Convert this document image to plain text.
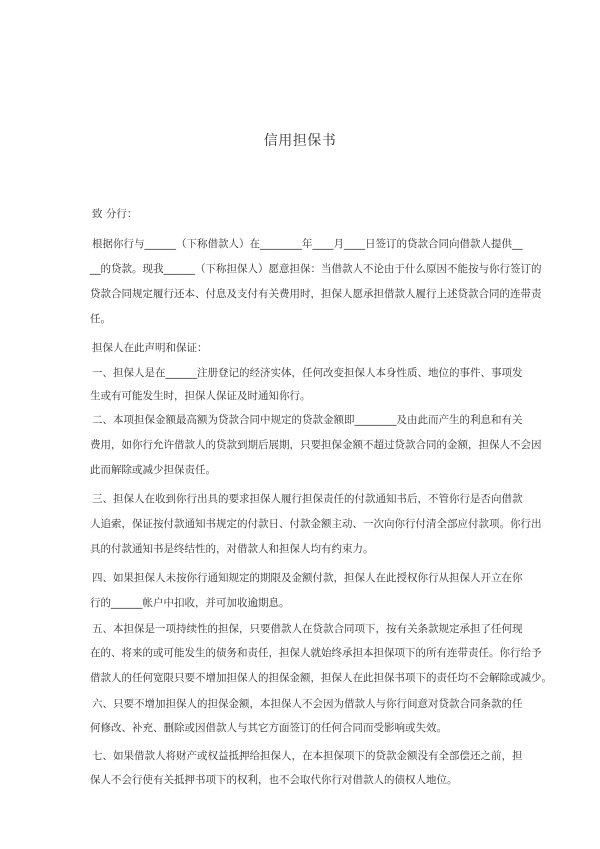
信用担保书
致 分行：
根据你行与______（下称借款人）在________年____月____日签订的贷款合同向借款人提供__
__的贷款。现我______（下称担保人）愿意担保：当借款人不论由于什么原因不能按与你行签订的
贷款合同规定履行还本、付息及支付有关费用时，担保人愿承担借款人履行上述贷款合同的连带责
任。
担保人在此声明和保证：
一、担保人是在______注册登记的经济实体，任何改变担保人本身性质、地位的事件、事项发
生或有可能发生时，担保人保证及时通知你行。
二、本项担保金额最高额为贷款合同中规定的贷款金额即________及由此而产生的利息和有关
费用，如你行允许借款人的贷款到期后展期，只要担保金额不超过贷款合同的金额，担保人不会因
此而解除或减少担保责任。
三、担保人在收到你行出具的要求担保人履行担保责任的付款通知书后，不管你行是否向借款
人追索，保证按付款通知书规定的付款日、付款金额主动、一次向你行付清全部应付款项。你行出
具的付款通知书是终结性的，对借款人和担保人均有约束力。
四、如果担保人未按你行通知规定的期限及金额付款，担保人在此授权你行从担保人开立在你
行的______帐户中扣收，并可加收逾期息。
五、本担保是一项持续性的担保，只要借款人在贷款合同项下，按有关条款规定承担了任何现
在的、将来的或可能发生的债务和责任，担保人就始终承担本担保项下的所有连带责任。你行给予
借款人的任何宽限只要不增加担保人的担保金额，担保人在此担保书项下的责任均不会解除或减少。
六、只要不增加担保人的担保金额，本担保人不会因为借款人与你行间意对贷款合同条款的任
何修改、补充、删除或因借款人与其它方面签订的任何合同而受影响或失效。
七、如果借款人将财产或权益抵押给担保人，在本担保项下的贷款金额没有全部偿还之前，担
保人不会行使有关抵押书项下的权利，也不会取代你行对借款人的债权人地位。
